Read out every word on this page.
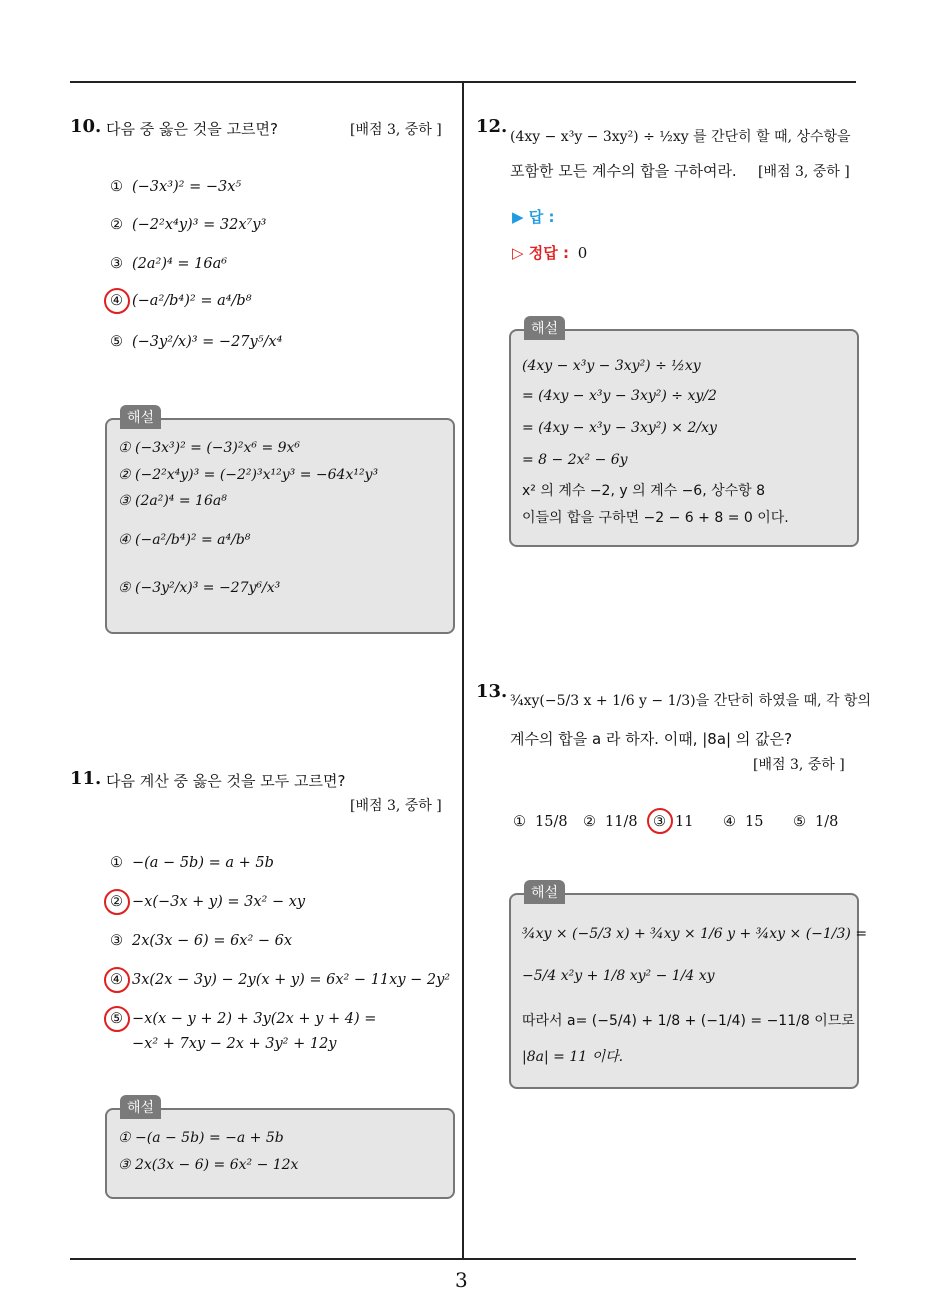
3
10. 다음 중 옳은 것을 고르면?	[배점 3, 중하 ]
① (−3x³)² = −3x⁵
② (−2²x⁴y)³ = 32x⁷y³
③ (2a²)⁴ = 16a⁶
④ (−a²/b⁴)² = a⁴/b⁸
⑤ (−3y²/x)³ = −27y⁵/x⁴
해설
① (−3x³)² = (−3)²x⁶ = 9x⁶
② (−2²x⁴y)³ = (−2²)³x¹²y³ = −64x¹²y³
③ (2a²)⁴ = 16a⁸
④ (−a²/b⁴)² = a⁴/b⁸
⑤ (−3y²/x)³ = −27y⁶/x³
11. 다음 계산 중 옳은 것을 모두 고르면?
[배점 3, 중하 ]
① −(a − 5b) = a + 5b
② −x(−3x + y) = 3x² − xy
③ 2x(3x − 6) = 6x² − 6x
④ 3x(2x − 3y) − 2y(x + y) = 6x² − 11xy − 2y²
⑤ −x(x − y + 2) + 3y(2x + y + 4) =
−x² + 7xy − 2x + 3y² + 12y
해설
① −(a − 5b) = −a + 5b
③ 2x(3x − 6) = 6x² − 12x
12. (4xy − x³y − 3xy²) ÷ ½xy 를 간단히 할 때, 상수항을
포함한 모든 계수의 합을 구하여라. [배점 3, 중하 ]
▶ 답 :
▷ 정답 : 0
해설
(4xy − x³y − 3xy²) ÷ ½xy
= (4xy − x³y − 3xy²) ÷ xy/2
= (4xy − x³y − 3xy²) × 2/xy
= 8 − 2x² − 6y
x² 의 계수 −2, y 의 계수 −6, 상수항 8
이들의 합을 구하면 −2 − 6 + 8 = 0 이다.
13. ¾xy(−5/3 x + 1/6 y − 1/3)을 간단히 하였을 때, 각 항의
계수의 합을 a 라 하자. 이때, |8a| 의 값은?
[배점 3, 중하 ]
① 15/8 ② 11/8 ③ 11 ④ 15 ⑤ 1/8
해설
¾xy × (−5/3 x) + ¾xy × 1/6 y + ¾xy × (−1/3) =
−5/4 x²y + 1/8 xy² − 1/4 xy
따라서 a= (−5/4) + 1/8 + (−1/4) = −11/8 이므로
|8a| = 11 이다.
